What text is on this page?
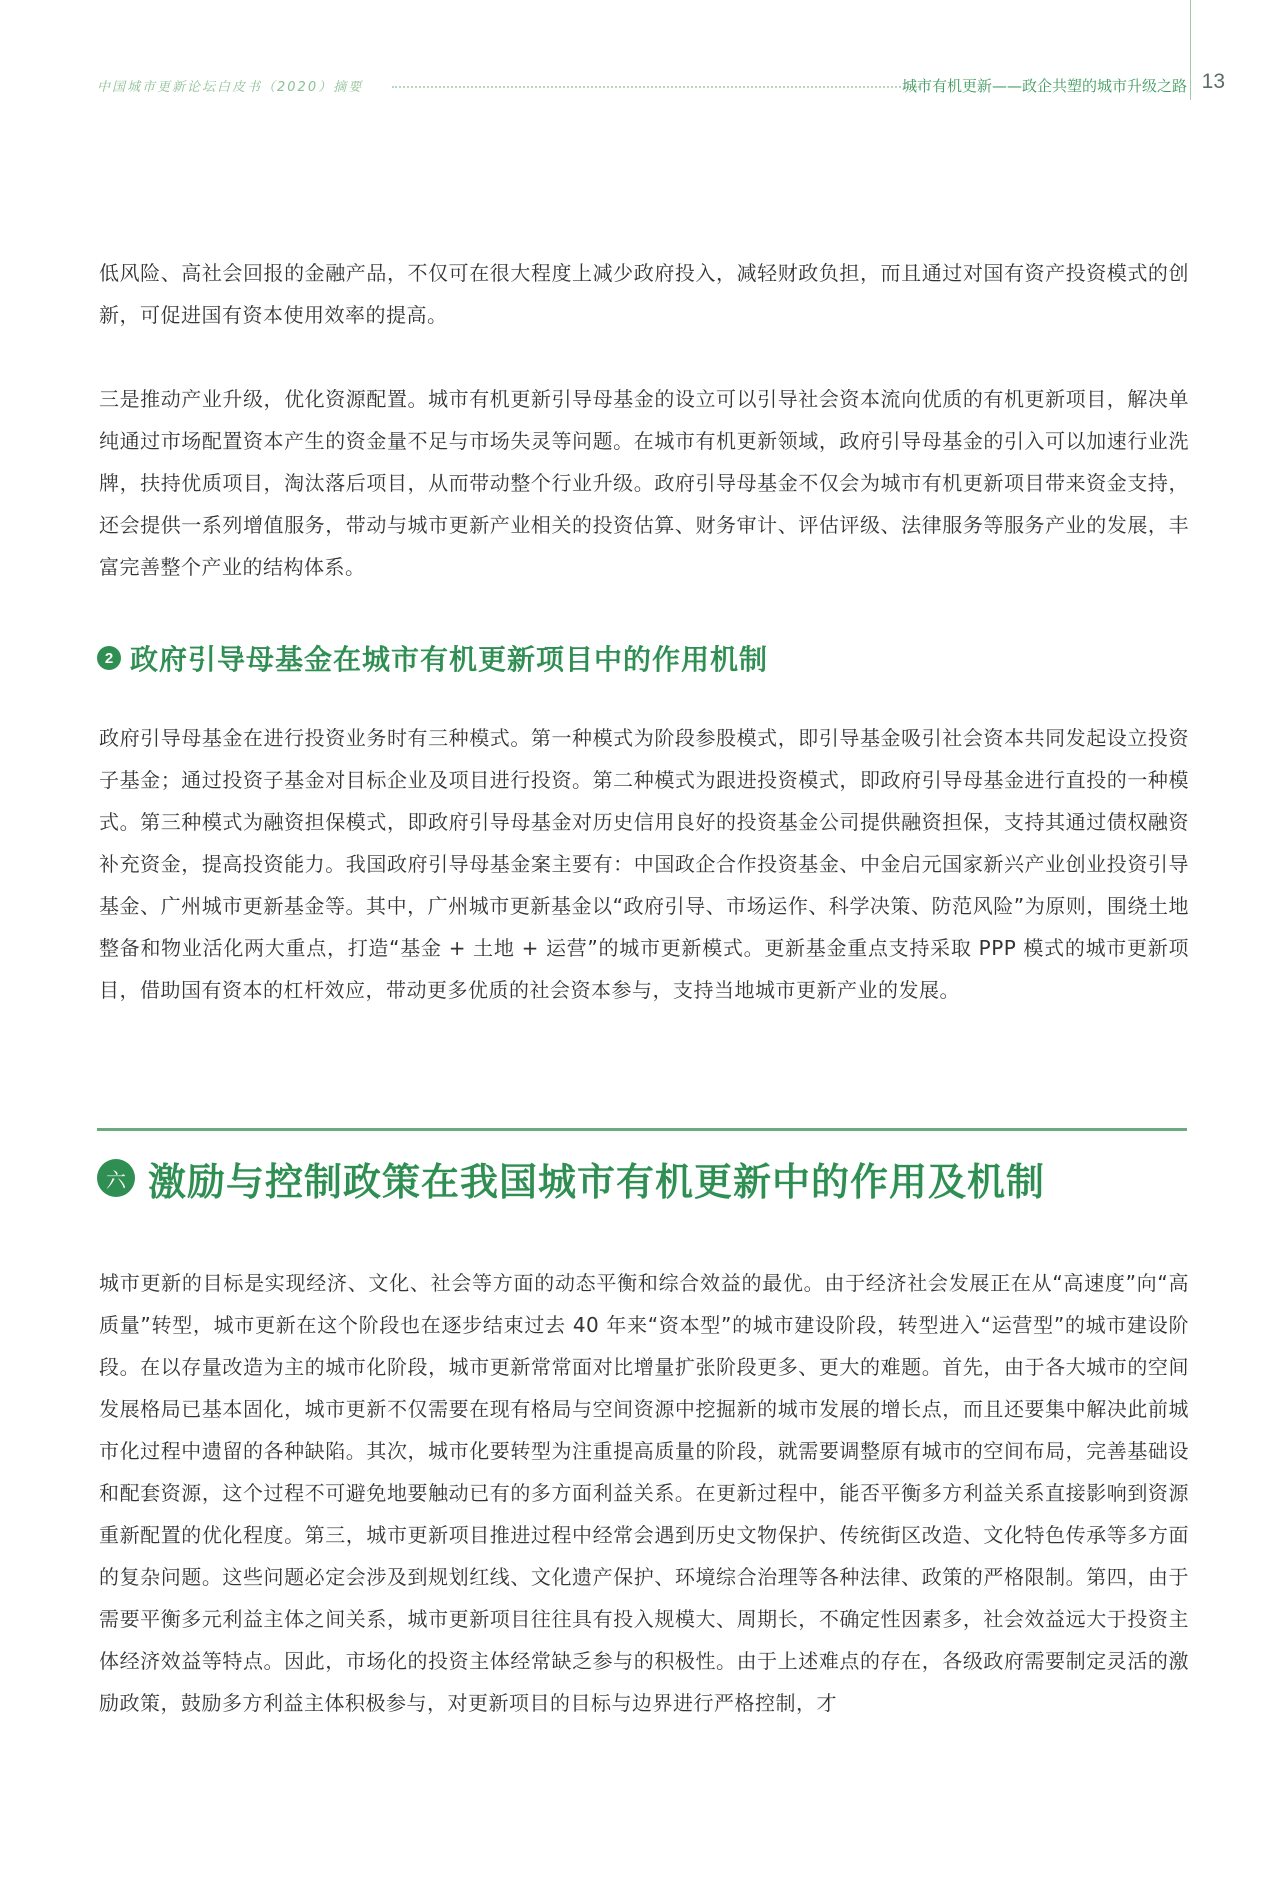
中国城市更新论坛白皮书（2020）摘要	城市有机更新——政企共塑的城市升级之路 13

低风险、高社会回报的金融产品，不仅可在很大程度上减少政府投入，减轻财政负担，而且通过对国有资产投资模式的创新，可促进国有资本使用效率的提高。

三是推动产业升级，优化资源配置。城市有机更新引导母基金的设立可以引导社会资本流向优质的有机更新项目，解决单纯通过市场配置资本产生的资金量不足与市场失灵等问题。在城市有机更新领域，政府引导母基金的引入可以加速行业洗牌，扶持优质项目，淘汰落后项目，从而带动整个行业升级。政府引导母基金不仅会为城市有机更新项目带来资金支持，还会提供一系列增值服务，带动与城市更新产业相关的投资估算、财务审计、评估评级、法律服务等服务产业的发展，丰富完善整个产业的结构体系。

2 政府引导母基金在城市有机更新项目中的作用机制

政府引导母基金在进行投资业务时有三种模式。第一种模式为阶段参股模式，即引导基金吸引社会资本共同发起设立投资子基金；通过投资子基金对目标企业及项目进行投资。第二种模式为跟进投资模式，即政府引导母基金进行直投的一种模式。第三种模式为融资担保模式，即政府引导母基金对历史信用良好的投资基金公司提供融资担保，支持其通过债权融资补充资金，提高投资能力。我国政府引导母基金案主要有：中国政企合作投资基金、中金启元国家新兴产业创业投资引导基金、广州城市更新基金等。其中，广州城市更新基金以“政府引导、市场运作、科学决策、防范风险”为原则，围绕土地整备和物业活化两大重点，打造“基金 + 土地 + 运营”的城市更新模式。更新基金重点支持采取 PPP 模式的城市更新项目，借助国有资本的杠杆效应，带动更多优质的社会资本参与，支持当地城市更新产业的发展。

六 激励与控制政策在我国城市有机更新中的作用及机制

城市更新的目标是实现经济、文化、社会等方面的动态平衡和综合效益的最优。由于经济社会发展正在从“高速度”向“高质量”转型，城市更新在这个阶段也在逐步结束过去 40 年来“资本型”的城市建设阶段，转型进入“运营型”的城市建设阶段。在以存量改造为主的城市化阶段，城市更新常常面对比增量扩张阶段更多、更大的难题。首先，由于各大城市的空间发展格局已基本固化，城市更新不仅需要在现有格局与空间资源中挖掘新的城市发展的增长点，而且还要集中解决此前城市化过程中遗留的各种缺陷。其次，城市化要转型为注重提高质量的阶段，就需要调整原有城市的空间布局，完善基础设和配套资源，这个过程不可避免地要触动已有的多方面利益关系。在更新过程中，能否平衡多方利益关系直接影响到资源重新配置的优化程度。第三，城市更新项目推进过程中经常会遇到历史文物保护、传统街区改造、文化特色传承等多方面的复杂问题。这些问题必定会涉及到规划红线、文化遗产保护、环境综合治理等各种法律、政策的严格限制。第四，由于需要平衡多元利益主体之间关系，城市更新项目往往具有投入规模大、周期长，不确定性因素多，社会效益远大于投资主体经济效益等特点。因此，市场化的投资主体经常缺乏参与的积极性。由于上述难点的存在，各级政府需要制定灵活的激励政策，鼓励多方利益主体积极参与，对更新项目的目标与边界进行严格控制，才
